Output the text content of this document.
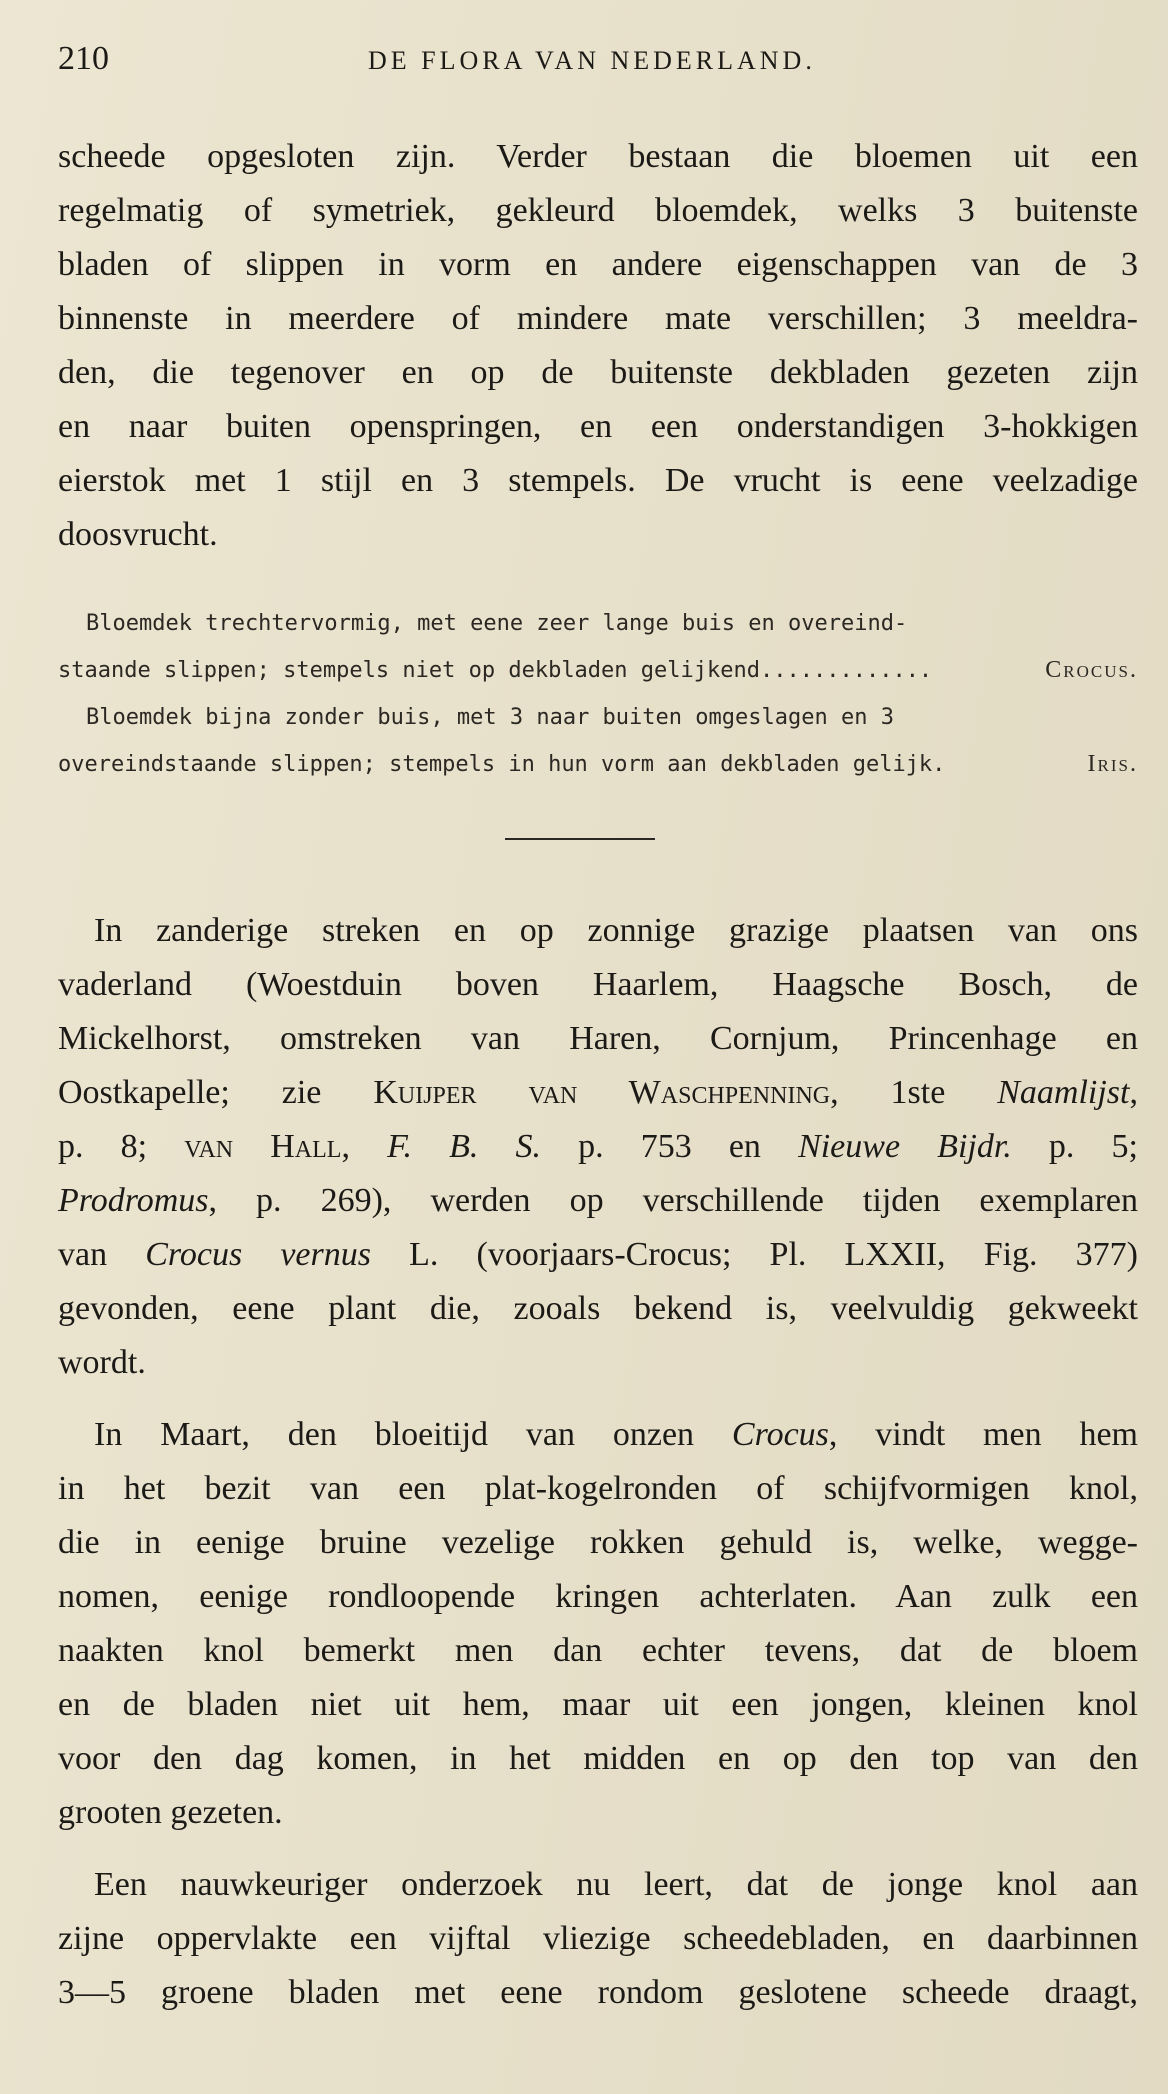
210	DE FLORA VAN NEDERLAND.
scheede opgesloten zijn. Verder bestaan die bloemen uit een
regelmatig of symetriek, gekleurd bloemdek, welks 3 buitenste
bladen of slippen in vorm en andere eigenschappen van de 3
binnenste in meerdere of mindere mate verschillen; 3 meeldra-
den, die tegenover en op de buitenste dekbladen gezeten zijn
en naar buiten openspringen, en een onderstandigen 3-hokkigen
eierstok met 1 stijl en 3 stempels. De vrucht is eene veelzadige
doosvrucht.
Bloemdek trechtervormig, met eene zeer lange buis en overeind-
staande slippen; stempels niet op dekbladen gelijkend.............	Crocus.
Bloemdek bijna zonder buis, met 3 naar buiten omgeslagen en 3
overeindstaande slippen; stempels in hun vorm aan dekbladen gelijk.	Iris.
In zanderige streken en op zonnige grazige plaatsen van ons
vaderland (Woestduin boven Haarlem, Haagsche Bosch, de
Mickelhorst, omstreken van Haren, Cornjum, Princenhage en
Oostkapelle; zie Kuijper van Waschpenning, 1ste Naamlijst,
p. 8; van Hall, F. B. S. p. 753 en Nieuwe Bijdr. p. 5;
Prodromus, p. 269), werden op verschillende tijden exemplaren
van Crocus vernus L. (voorjaars-Crocus; Pl. LXXII, Fig. 377)
gevonden, eene plant die, zooals bekend is, veelvuldig gekweekt
wordt.
In Maart, den bloeitijd van onzen Crocus, vindt men hem
in het bezit van een plat-kogelronden of schijfvormigen knol,
die in eenige bruine vezelige rokken gehuld is, welke, wegge-
nomen, eenige rondloopende kringen achterlaten. Aan zulk een
naakten knol bemerkt men dan echter tevens, dat de bloem
en de bladen niet uit hem, maar uit een jongen, kleinen knol
voor den dag komen, in het midden en op den top van den
grooten gezeten.
Een nauwkeuriger onderzoek nu leert, dat de jonge knol aan
zijne oppervlakte een vijftal vliezige scheedebladen, en daarbinnen
3—5 groene bladen met eene rondom geslotene scheede draagt,
